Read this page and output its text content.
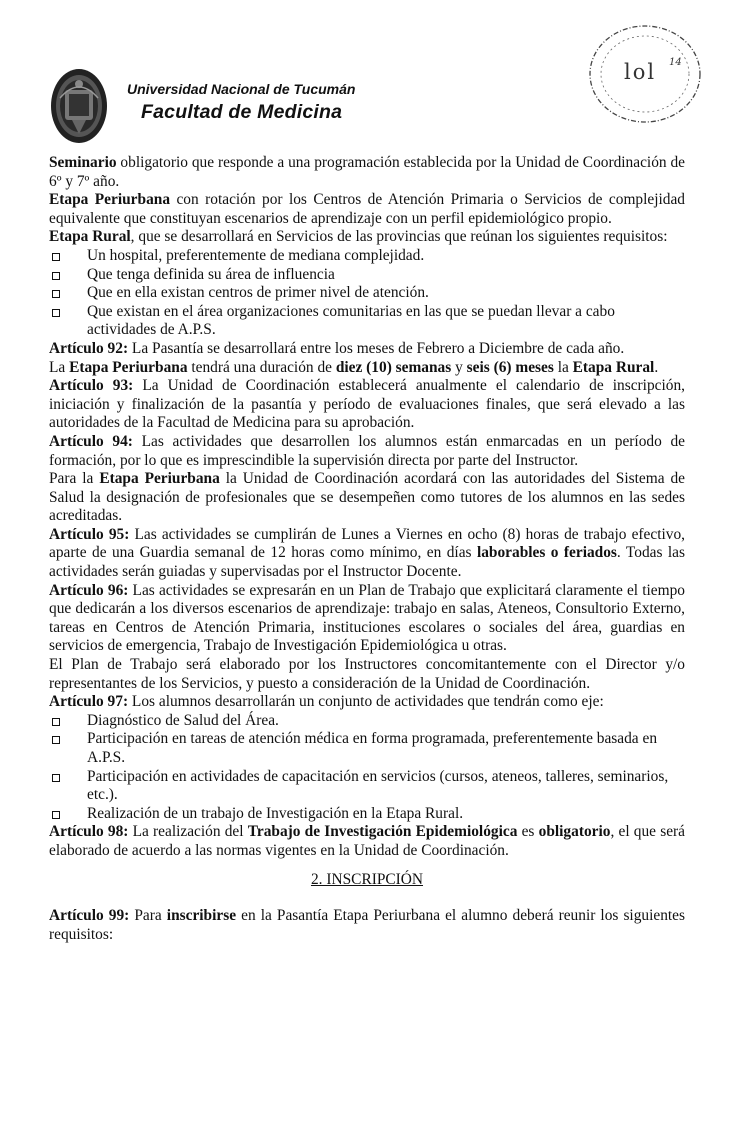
Universidad Nacional de Tucumán
Facultad de Medicina
lol 14

Seminario obligatorio que responde a una programación establecida por la Unidad de Coordinación de 6º y 7º año.

Etapa Periurbana con rotación por los Centros de Atención Primaria o Servicios de complejidad equivalente que constituyan escenarios de aprendizaje con un perfil epidemiológico propio.

Etapa Rural, que se desarrollará en Servicios de las provincias que reúnan los siguientes requisitos:

Un hospital, preferentemente de mediana complejidad.
Que tenga definida su área de influencia
Que en ella existan centros de primer nivel de atención.
Que existan en el área organizaciones comunitarias en las que se puedan llevar a cabo actividades de A.P.S.

Artículo 92: La Pasantía se desarrollará entre los meses de Febrero a Diciembre de cada año.

La Etapa Periurbana tendrá una duración de diez (10) semanas y seis (6) meses la Etapa Rural.

Artículo 93: La Unidad de Coordinación establecerá anualmente el calendario de inscripción, iniciación y finalización de la pasantía y período de evaluaciones finales, que será elevado a las autoridades de la Facultad de Medicina para su aprobación.

Artículo 94: Las actividades que desarrollen los alumnos están enmarcadas en un período de formación, por lo que es imprescindible la supervisión directa por parte del Instructor.

Para la Etapa Periurbana la Unidad de Coordinación acordará con las autoridades del Sistema de Salud la designación de profesionales que se desempeñen como tutores de los alumnos en las sedes acreditadas.

Artículo 95: Las actividades se cumplirán de Lunes a Viernes en ocho (8) horas de trabajo efectivo, aparte de una Guardia semanal de 12 horas como mínimo, en días laborables o feriados. Todas las actividades serán guiadas y supervisadas por el Instructor Docente.

Artículo 96: Las actividades se expresarán en un Plan de Trabajo que explicitará claramente el tiempo que dedicarán a los diversos escenarios de aprendizaje: trabajo en salas, Ateneos, Consultorio Externo, tareas en Centros de Atención Primaria, instituciones escolares o sociales del área, guardias en servicios de emergencia, Trabajo de Investigación Epidemiológica u otras.

El Plan de Trabajo será elaborado por los Instructores concomitantemente con el Director y/o representantes de los Servicios, y puesto a consideración de la Unidad de Coordinación.

Artículo 97: Los alumnos desarrollarán un conjunto de actividades que tendrán como eje:

Diagnóstico de Salud del Área.
Participación en tareas de atención médica en forma programada, preferentemente basada en A.P.S.
Participación en actividades de capacitación en servicios (cursos, ateneos, talleres, seminarios, etc.).
Realización de un trabajo de Investigación en la Etapa Rural.

Artículo 98: La realización del Trabajo de Investigación Epidemiológica es obligatorio, el que será elaborado de acuerdo a las normas vigentes en la Unidad de Coordinación.

2. INSCRIPCIÓN

Artículo 99: Para inscribirse en la Pasantía Etapa Periurbana el alumno deberá reunir los siguientes requisitos:
